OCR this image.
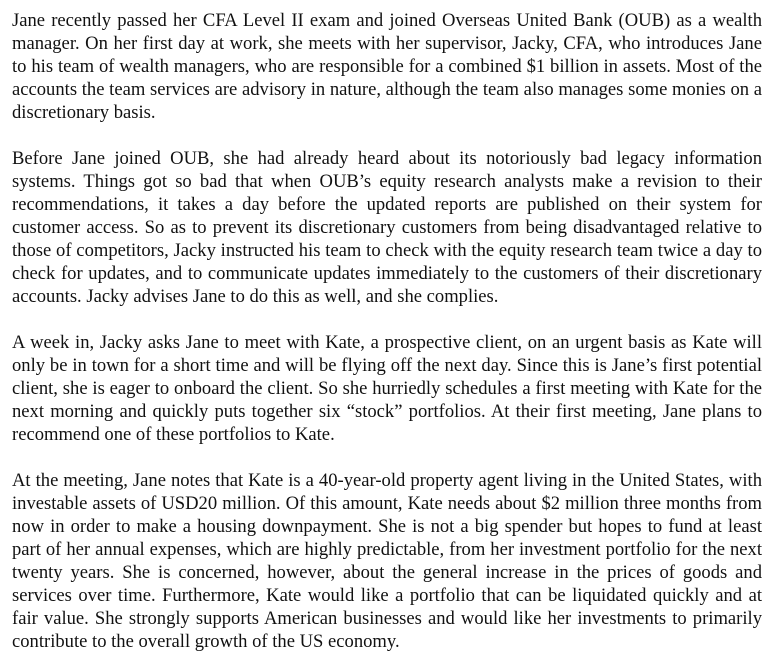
Jane recently passed her CFA Level II exam and joined Overseas United Bank (OUB) as a wealth manager. On her first day at work, she meets with her supervisor, Jacky, CFA, who introduces Jane to his team of wealth managers, who are responsible for a combined $1 billion in assets. Most of the accounts the team services are advisory in nature, although the team also manages some monies on a discretionary basis.

Before Jane joined OUB, she had already heard about its notoriously bad legacy information systems. Things got so bad that when OUB’s equity research analysts make a revision to their recommendations, it takes a day before the updated reports are published on their system for customer access. So as to prevent its discretionary customers from being disadvantaged relative to those of competitors, Jacky instructed his team to check with the equity research team twice a day to check for updates, and to communicate updates immediately to the customers of their discretionary accounts. Jacky advises Jane to do this as well, and she complies.

A week in, Jacky asks Jane to meet with Kate, a prospective client, on an urgent basis as Kate will only be in town for a short time and will be flying off the next day. Since this is Jane’s first potential client, she is eager to onboard the client. So she hurriedly schedules a first meeting with Kate for the next morning and quickly puts together six “stock” portfolios. At their first meeting, Jane plans to recommend one of these portfolios to Kate.

At the meeting, Jane notes that Kate is a 40-year-old property agent living in the United States, with investable assets of USD20 million. Of this amount, Kate needs about $2 million three months from now in order to make a housing downpayment. She is not a big spender but hopes to fund at least part of her annual expenses, which are highly predictable, from her investment portfolio for the next twenty years. She is concerned, however, about the general increase in the prices of goods and services over time. Furthermore, Kate would like a portfolio that can be liquidated quickly and at fair value. She strongly supports American businesses and would like her investments to primarily contribute to the overall growth of the US economy.
